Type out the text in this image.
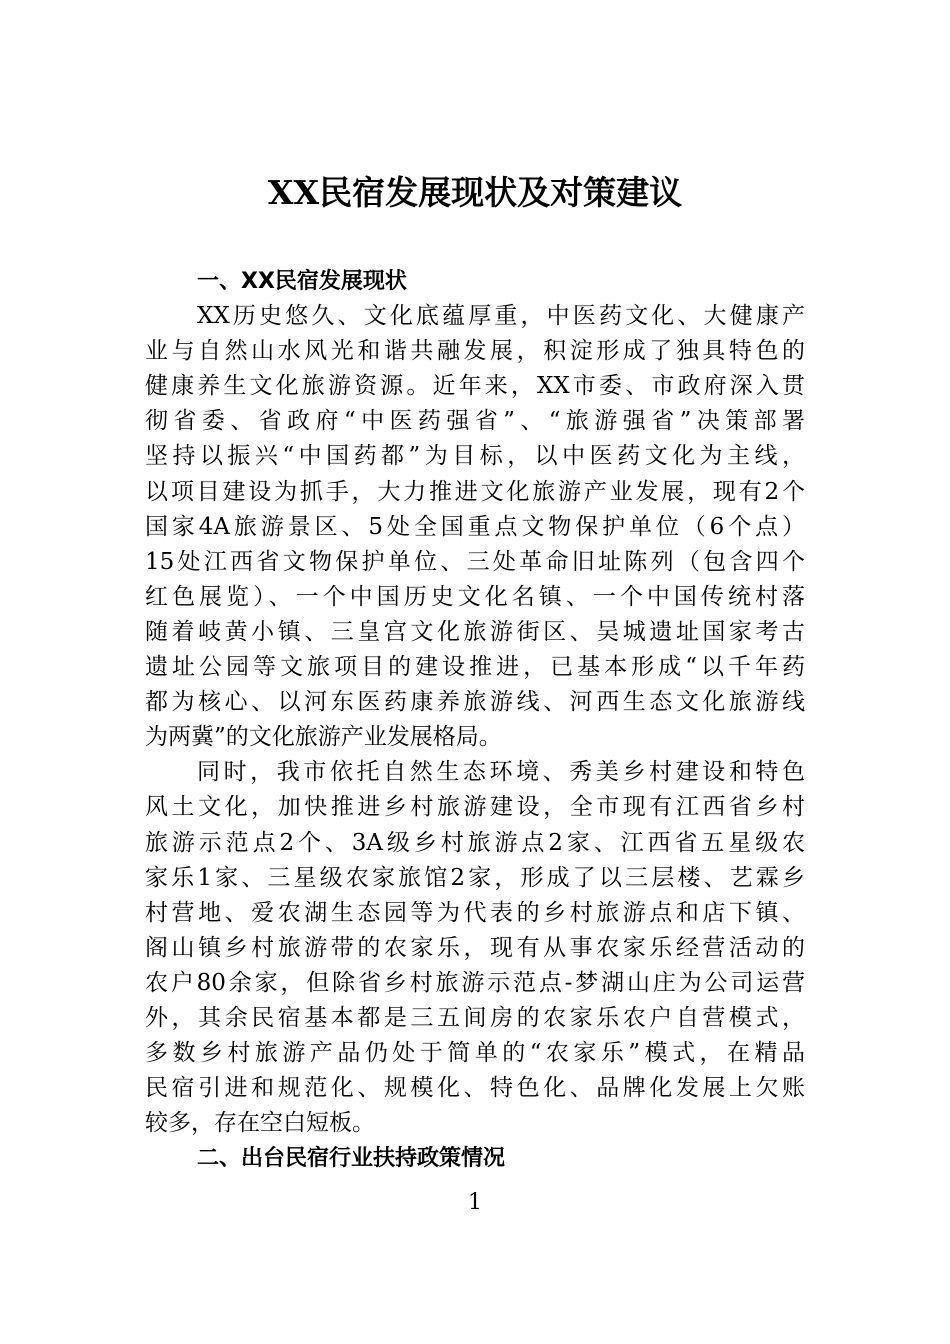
XX民宿发展现状及对策建议
一、XX民宿发展现状
XX历史悠久、文化底蕴厚重，中医药文化、大健康产
业与自然山水风光和谐共融发展，积淀形成了独具特色的
健康养生文化旅游资源。近年来，XX市委、市政府深入贯
彻省委、省政府“中医药强省”、“旅游强省”决策部署
坚持以振兴“中国药都”为目标，以中医药文化为主线，
以项目建设为抓手，大力推进文化旅游产业发展，现有2个
国家4A旅游景区、5处全国重点文物保护单位（6个点）
15处江西省文物保护单位、三处革命旧址陈列（包含四个
红色展览）、一个中国历史文化名镇、一个中国传统村落
随着岐黄小镇、三皇宫文化旅游街区、吴城遗址国家考古
遗址公园等文旅项目的建设推进，已基本形成“以千年药
都为核心、以河东医药康养旅游线、河西生态文化旅游线
为两冀”的文化旅游产业发展格局。
同时，我市依托自然生态环境、秀美乡村建设和特色
风土文化，加快推进乡村旅游建设，全市现有江西省乡村
旅游示范点2个、3A级乡村旅游点2家、江西省五星级农
家乐1家、三星级农家旅馆2家，形成了以三层楼、艺霖乡
村营地、爱农湖生态园等为代表的乡村旅游点和店下镇、
阁山镇乡村旅游带的农家乐，现有从事农家乐经营活动的
农户80余家，但除省乡村旅游示范点-梦湖山庄为公司运营
外，其余民宿基本都是三五间房的农家乐农户自营模式，
多数乡村旅游产品仍处于简单的“农家乐”模式，在精品
民宿引进和规范化、规模化、特色化、品牌化发展上欠账
较多，存在空白短板。
二、出台民宿行业扶持政策情况
1
